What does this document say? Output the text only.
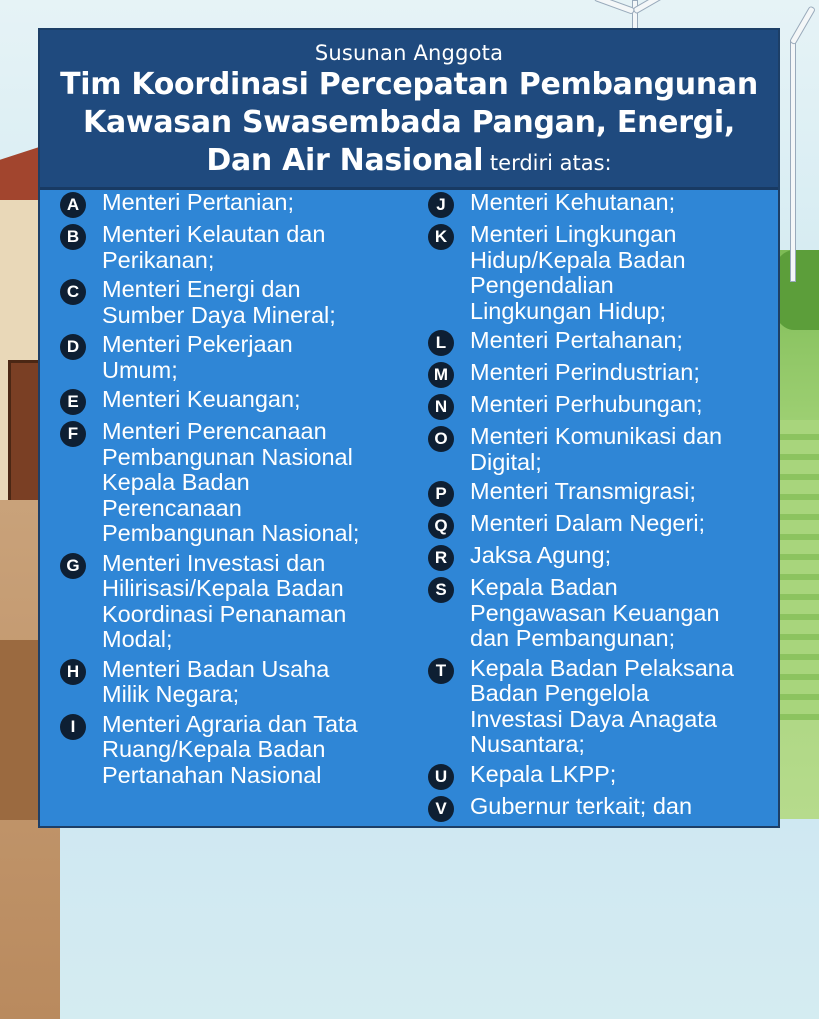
Susunan Anggota
Tim Koordinasi Percepatan Pembangunan
Kawasan Swasembada Pangan, Energi,
Dan Air Nasional terdiri atas:
A Menteri Pertanian;
B Menteri Kelautan dan
Perikanan;
C Menteri Energi dan
Sumber Daya Mineral;
D Menteri Pekerjaan
Umum;
E Menteri Keuangan;
F	Menteri Perencanaan
Pembangunan Nasional
Kepala Badan
Perencanaan
Pembangunan Nasional;
G Menteri Investasi dan
Hilirisasi/Kepala Badan
Koordinasi Penanaman
Modal;
H Menteri Badan Usaha
Milik Negara;
I	Menteri Agraria dan Tata
Ruang/Kepala Badan
Pertanahan Nasional
J	Menteri Kehutanan;
K Menteri Lingkungan
Hidup/Kepala Badan
Pengendalian
Lingkungan Hidup;
L	Menteri Pertahanan;
M Menteri Perindustrian;
N Menteri Perhubungan;
O Menteri Komunikasi dan
Digital;
P Menteri Transmigrasi;
Q Menteri Dalam Negeri;
R Jaksa Agung;
S Kepala Badan
Pengawasan Keuangan
dan Pembangunan;
T	Kepala Badan Pelaksana
Badan Pengelola
Investasi Daya Anagata
Nusantara;
U Kepala LKPP;
V Gubernur terkait; dan
